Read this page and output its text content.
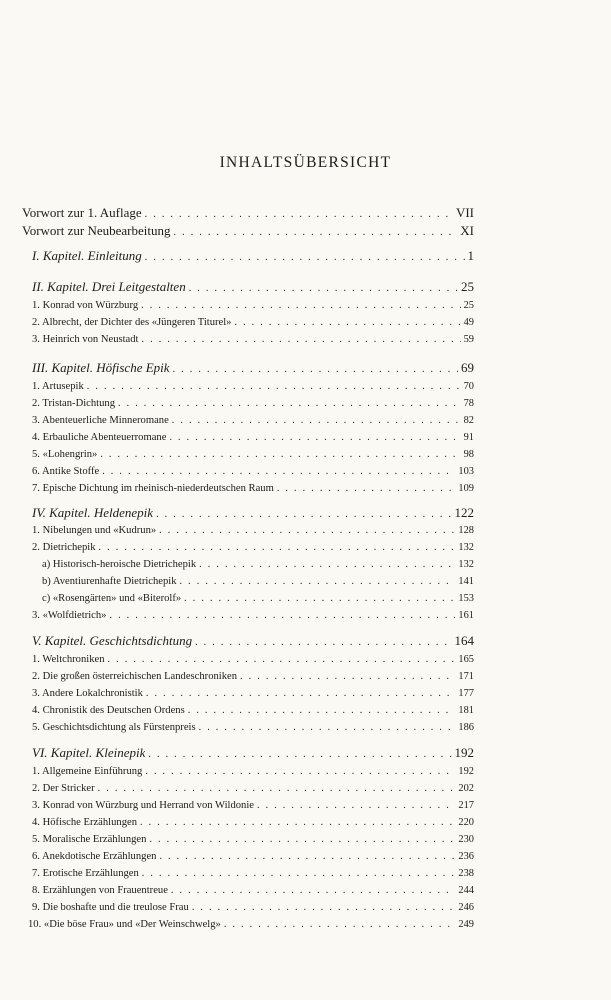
INHALTSÜBERSICHT
Vorwort zur 1. Auflage . . .	VII
Vorwort zur Neubearbeitung . . .	XI
I. Kapitel. Einleitung . . .	1
II. Kapitel. Drei Leitgestalten . . .	25
1. Konrad von Würzburg . . .	25
2. Albrecht, der Dichter des «Jüngeren Titurel» . . .	49
3. Heinrich von Neustadt . . .	59
III. Kapitel. Höfische Epik . . .	69
1. Artusepik . . .	70
2. Tristan-Dichtung . . .	78
3. Abenteuerliche Minneromane . . .	82
4. Erbauliche Abenteuerromane . . .	91
5. «Lohengrin» . . .	98
6. Antike Stoffe . . .	103
7. Epische Dichtung im rheinisch-niederdeutschen Raum . . .	109
IV. Kapitel. Heldenepik . . .	122
1. Nibelungen und «Kudrun» . . .	128
2. Dietrichepik . . .	132
a) Historisch-heroische Dietrichepik . . .	132
b) Aventiurenhafte Dietrichepik . . .	141
c) «Rosengärten» und «Biterolf» . . .	153
3. «Wolfdietrich» . . .	161
V. Kapitel. Geschichtsdichtung . . .	164
1. Weltchroniken . . .	165
2. Die großen österreichischen Landeschroniken . . .	171
3. Andere Lokalchronistik . . .	177
4. Chronistik des Deutschen Ordens . . .	181
5. Geschichtsdichtung als Fürstenpreis . . .	186
VI. Kapitel. Kleinepik . . .	192
1. Allgemeine Einführung . . .	192
2. Der Stricker . . .	202
3. Konrad von Würzburg und Herrand von Wildonie . . .	217
4. Höfische Erzählungen . . .	220
5. Moralische Erzählungen . . .	230
6. Anekdotische Erzählungen . . .	236
7. Erotische Erzählungen . . .	238
8. Erzählungen von Frauentreue . . .	244
9. Die boshafte und die treulose Frau . . .	246
10. «Die böse Frau» und «Der Weinschwelg» . . .	249
